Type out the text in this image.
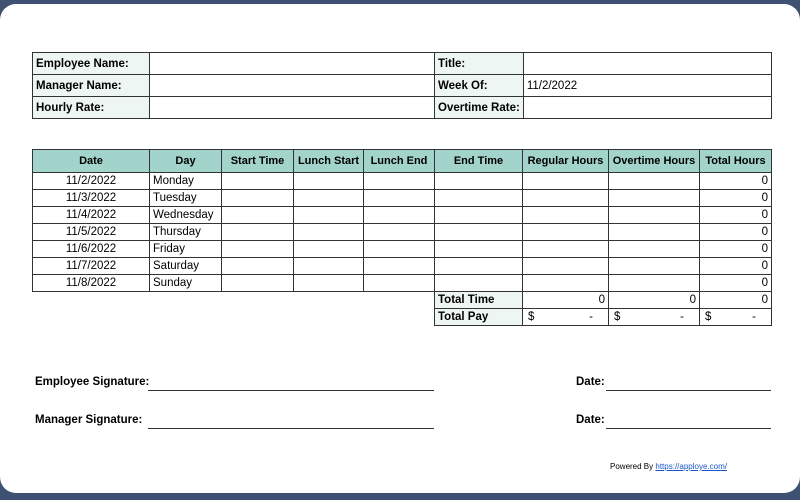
Employee Name:		Title:	
Manager Name:		Week Of:	11/2/2022
Hourly Rate:		Overtime Rate:	
Date	Day	Start Time	Lunch Start	Lunch End	End Time	Regular Hours	Overtime Hours	Total Hours
11/2/2022	Monday							0
11/3/2022	Tuesday							0
11/4/2022	Wednesday							0
11/5/2022	Thursday							0
11/6/2022	Friday							0
11/7/2022	Saturday							0
11/8/2022	Sunday							0
					Total Time	0	0	0
					Total Pay	$ -	$ -	$ -
Employee Signature:	Date:
Manager Signature:	Date:
Powered By https://apploye.com/
